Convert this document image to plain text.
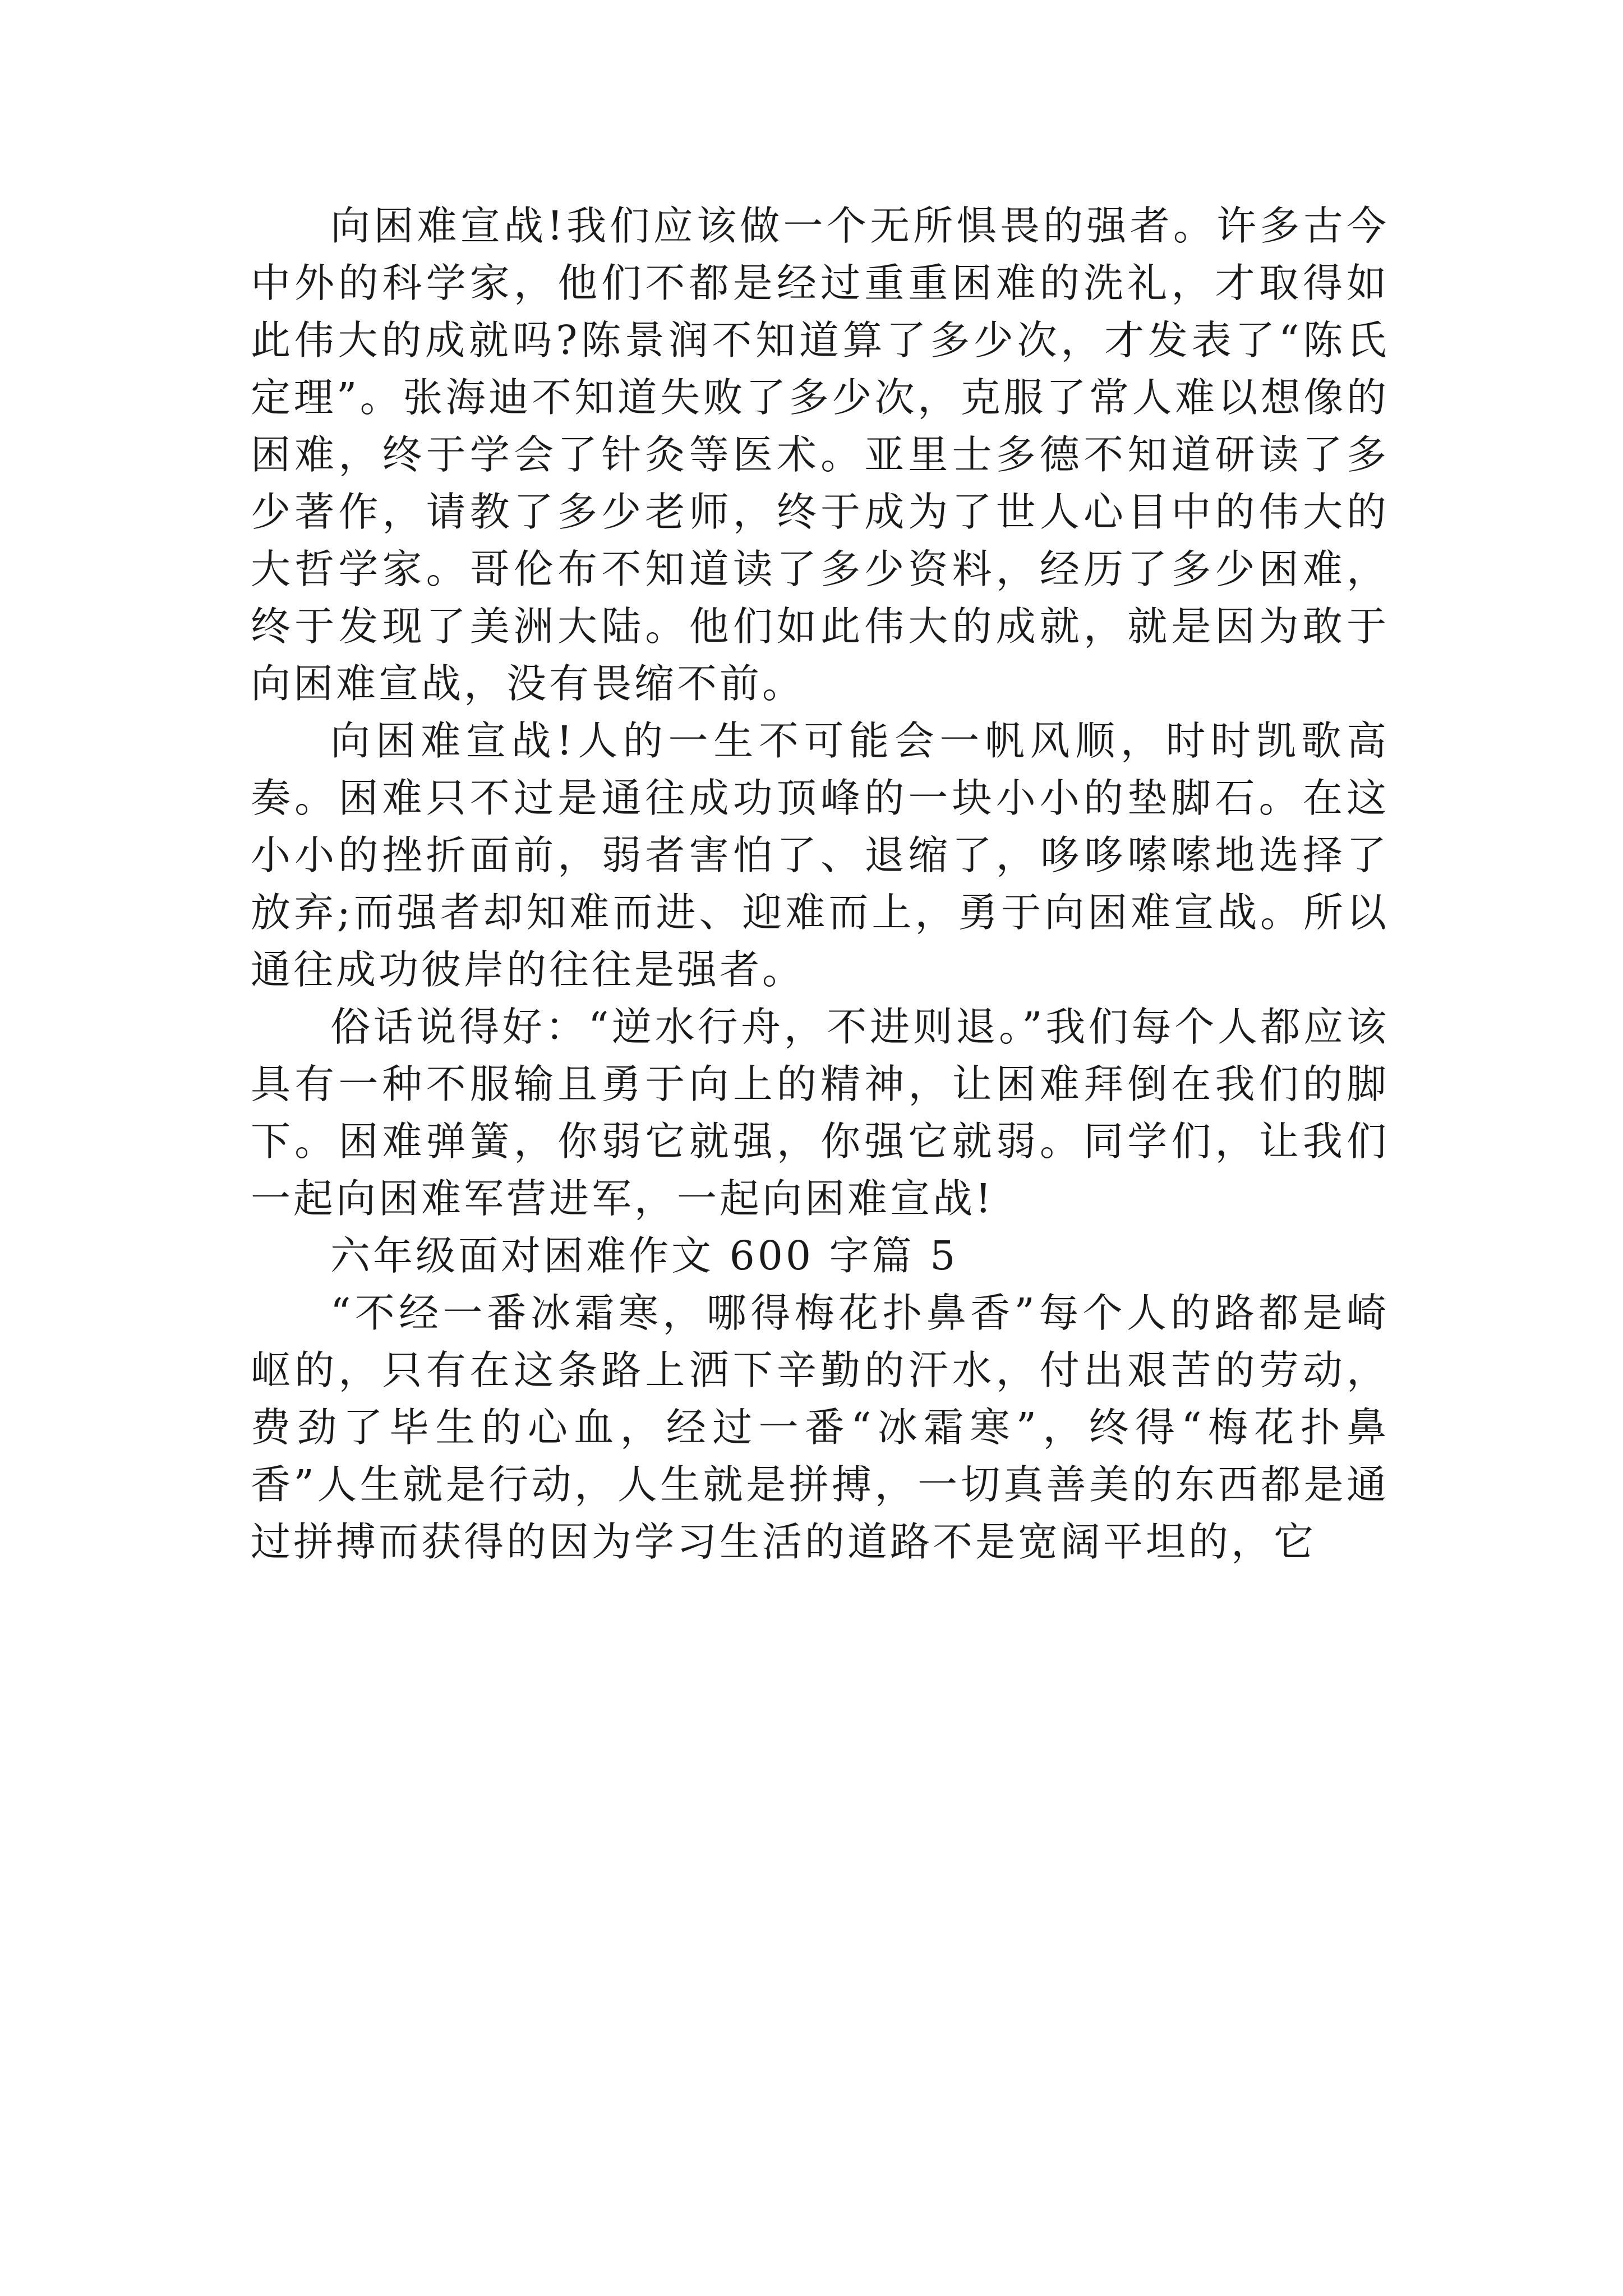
向困难宣战!我们应该做一个无所惧畏的强者。许多古今中外的科学家，他们不都是经过重重困难的洗礼，才取得如此伟大的成就吗?陈景润不知道算了多少次，才发表了“陈氏定理”。张海迪不知道失败了多少次，克服了常人难以想像的困难，终于学会了针灸等医术。亚里士多德不知道研读了多少著作，请教了多少老师，终于成为了世人心目中的伟大的大哲学家。哥伦布不知道读了多少资料，经历了多少困难，终于发现了美洲大陆。他们如此伟大的成就，就是因为敢于向困难宣战，没有畏缩不前。

向困难宣战!人的一生不可能会一帆风顺，时时凯歌高奏。困难只不过是通往成功顶峰的一块小小的垫脚石。在这小小的挫折面前，弱者害怕了、退缩了，哆哆嗦嗦地选择了放弃;而强者却知难而进、迎难而上，勇于向困难宣战。所以通往成功彼岸的往往是强者。

俗话说得好：“逆水行舟，不进则退。”我们每个人都应该具有一种不服输且勇于向上的精神，让困难拜倒在我们的脚下。困难弹簧，你弱它就强，你强它就弱。同学们，让我们一起向困难军营进军，一起向困难宣战!

六年级面对困难作文 600 字篇 5

“不经一番冰霜寒，哪得梅花扑鼻香”每个人的路都是崎岖的，只有在这条路上洒下辛勤的汗水，付出艰苦的劳动，费劲了毕生的心血，经过一番“冰霜寒”，终得“梅花扑鼻香”人生就是行动，人生就是拼搏，一切真善美的东西都是通过拼搏而获得的因为学习生活的道路不是宽阔平坦的，它
